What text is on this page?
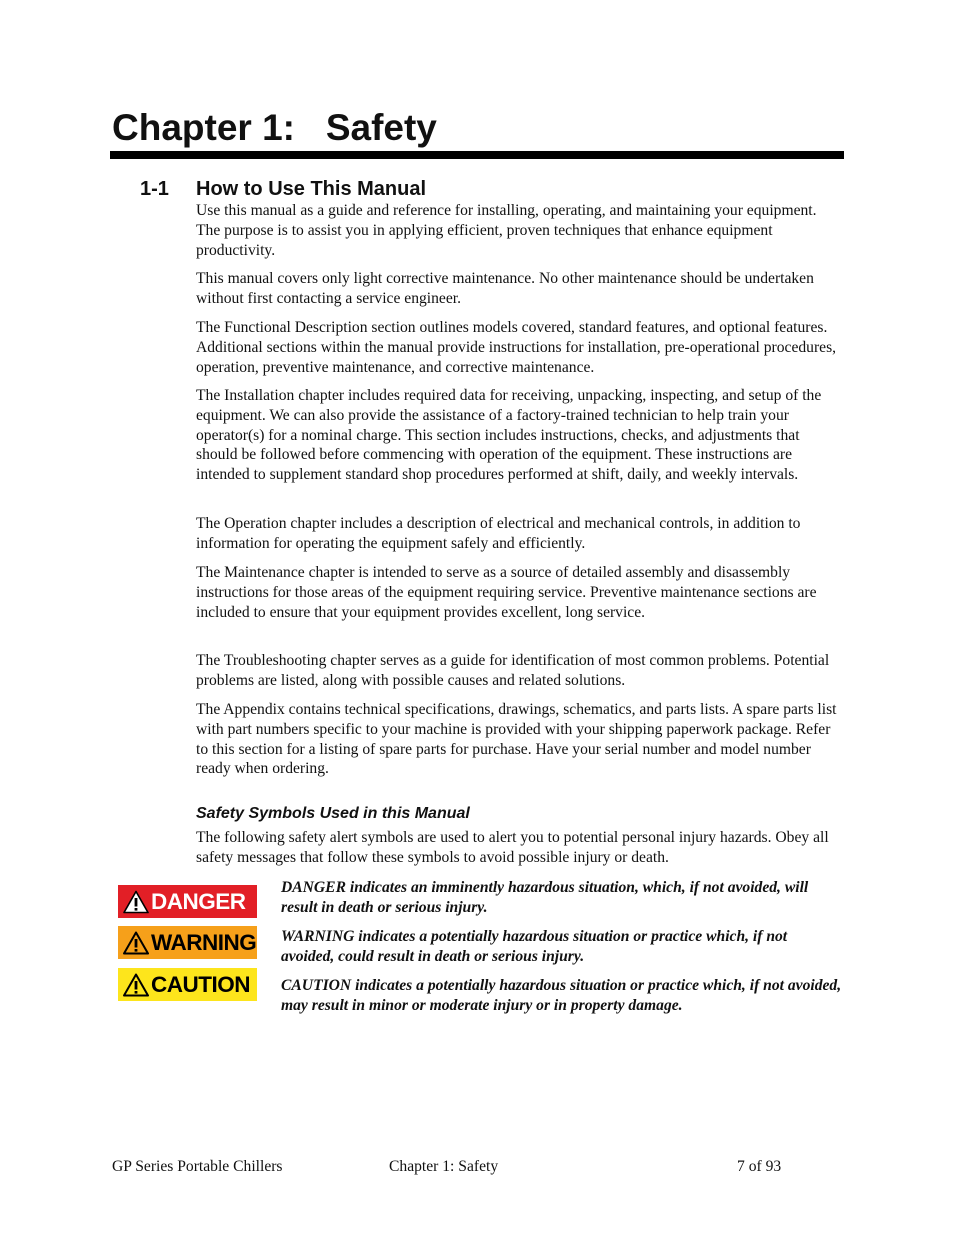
Chapter 1:   Safety
1-1 How to Use This Manual

Use this manual as a guide and reference for installing, operating, and maintaining your equipment. The purpose is to assist you in applying efficient, proven techniques that enhance equipment productivity.

This manual covers only light corrective maintenance. No other maintenance should be undertaken without first contacting a service engineer.

The Functional Description section outlines models covered, standard features, and optional features. Additional sections within the manual provide instructions for installation, pre-operational procedures, operation, preventive maintenance, and corrective maintenance.

The Installation chapter includes required data for receiving, unpacking, inspecting, and setup of the equipment. We can also provide the assistance of a factory-trained technician to help train your operator(s) for a nominal charge. This section includes instructions, checks, and adjustments that should be followed before commencing with operation of the equipment. These instructions are intended to supplement standard shop procedures performed at shift, daily, and weekly intervals.

The Operation chapter includes a description of electrical and mechanical controls, in addition to information for operating the equipment safely and efficiently.

The Maintenance chapter is intended to serve as a source of detailed assembly and disassembly instructions for those areas of the equipment requiring service. Preventive maintenance sections are included to ensure that your equipment provides excellent, long service.

The Troubleshooting chapter serves as a guide for identification of most common problems. Potential problems are listed, along with possible causes and related solutions.

The Appendix contains technical specifications, drawings, schematics, and parts lists. A spare parts list with part numbers specific to your machine is provided with your shipping paperwork package. Refer to this section for a listing of spare parts for purchase. Have your serial number and model number ready when ordering.

Safety Symbols Used in this Manual

The following safety alert symbols are used to alert you to potential personal injury hazards. Obey all safety messages that follow these symbols to avoid possible injury or death.

DANGER
WARNING
CAUTION

DANGER indicates an imminently hazardous situation, which, if not avoided, will result in death or serious injury.

WARNING indicates a potentially hazardous situation or practice which, if not avoided, could result in death or serious injury.

CAUTION indicates a potentially hazardous situation or practice which, if not avoided, may result in minor or moderate injury or in property damage.

GP Series Portable Chillers	Chapter 1: Safety	7 of 93
